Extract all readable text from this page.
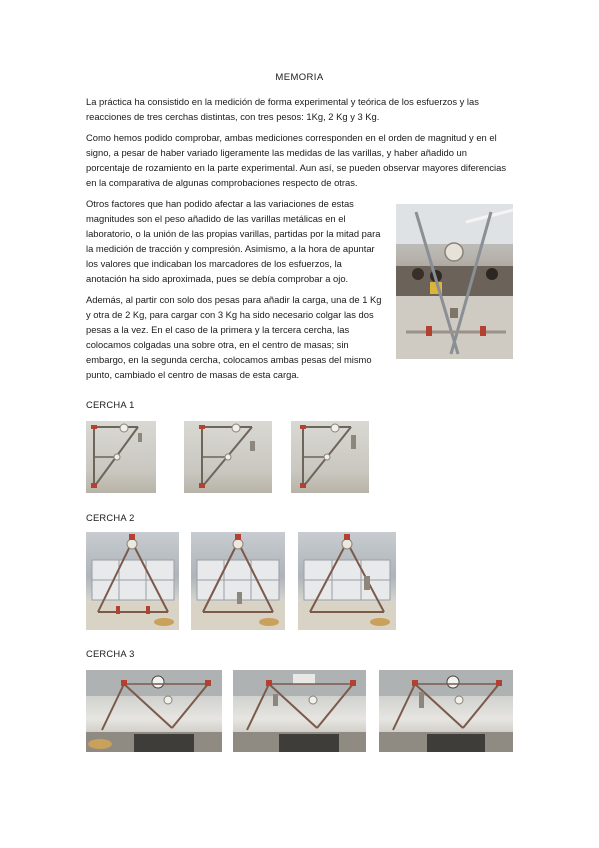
MEMORIA

La práctica ha consistido en la medición de forma experimental y teórica de los esfuerzos y las reacciones de tres cerchas distintas, con tres pesos: 1Kg, 2 Kg y 3 Kg.

Como hemos podido comprobar, ambas mediciones corresponden en el orden de magnitud y en el signo, a pesar de haber variado ligeramente las medidas de las varillas, y haber añadido un porcentaje de rozamiento en la parte experimental. Aun así, se pueden observar mayores diferencias en la comparativa de algunas comprobaciones respecto de otras.

Otros factores que han podido afectar a las variaciones de estas magnitudes son el peso añadido de las varillas metálicas en el laboratorio, o la unión de las propias varillas, partidas por la mitad para la medición de tracción y compresión. Asimismo, a la hora de apuntar los valores que indicaban los marcadores de los esfuerzos, la anotación ha sido aproximada, pues se debía comprobar a ojo.

Además, al partir con solo dos pesas para añadir la carga, una de 1 Kg y otra de 2 Kg, para cargar con 3 Kg ha sido necesario colgar las dos pesas a la vez. En el caso de la primera y la tercera cercha, las colocamos colgadas una sobre otra, en el centro de masas; sin embargo, en la segunda cercha, colocamos ambas pesas del mismo punto, cambiado el centro de masas de esta carga.

CERCHA 1
CERCHA 2
CERCHA 3
